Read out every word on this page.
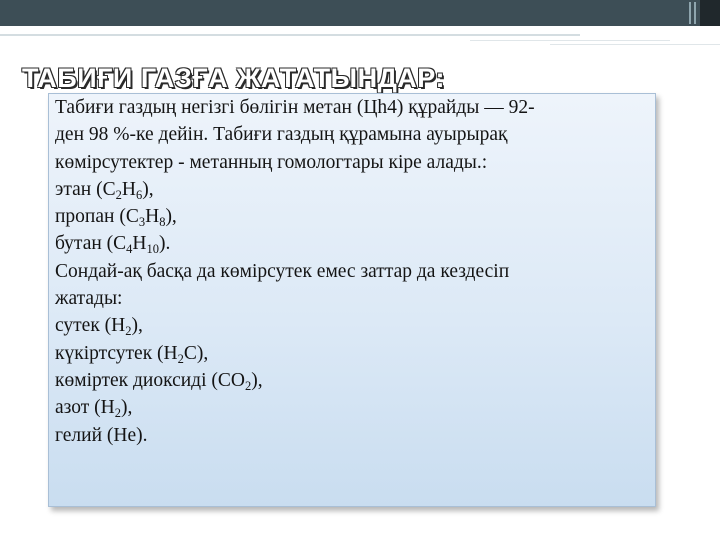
ТАБИҒИ ГАЗҒА ЖАТАТЫНДАР:
Табиғи газдың негізгі бөлігін метан (Цh4) құрайды — 92-
ден 98 %-ке дейін. Табиғи газдың құрамына ауырырақ
көмірсутектер - метанның гомологтары кіре алады.:
этан $(C_2H_6)$,
пропан $(C_3H_8)$,
бутан $(C_4H_{10})$.
Сондай-ақ басқа да көмірсутек емес заттар да кездесіп
жатады:
сутек $(H_2)$,
күкіртсутек $(H_2С)$,
көміртек диоксиді $(CO_2)$,
азот $(H_2)$,
гелий (He).
